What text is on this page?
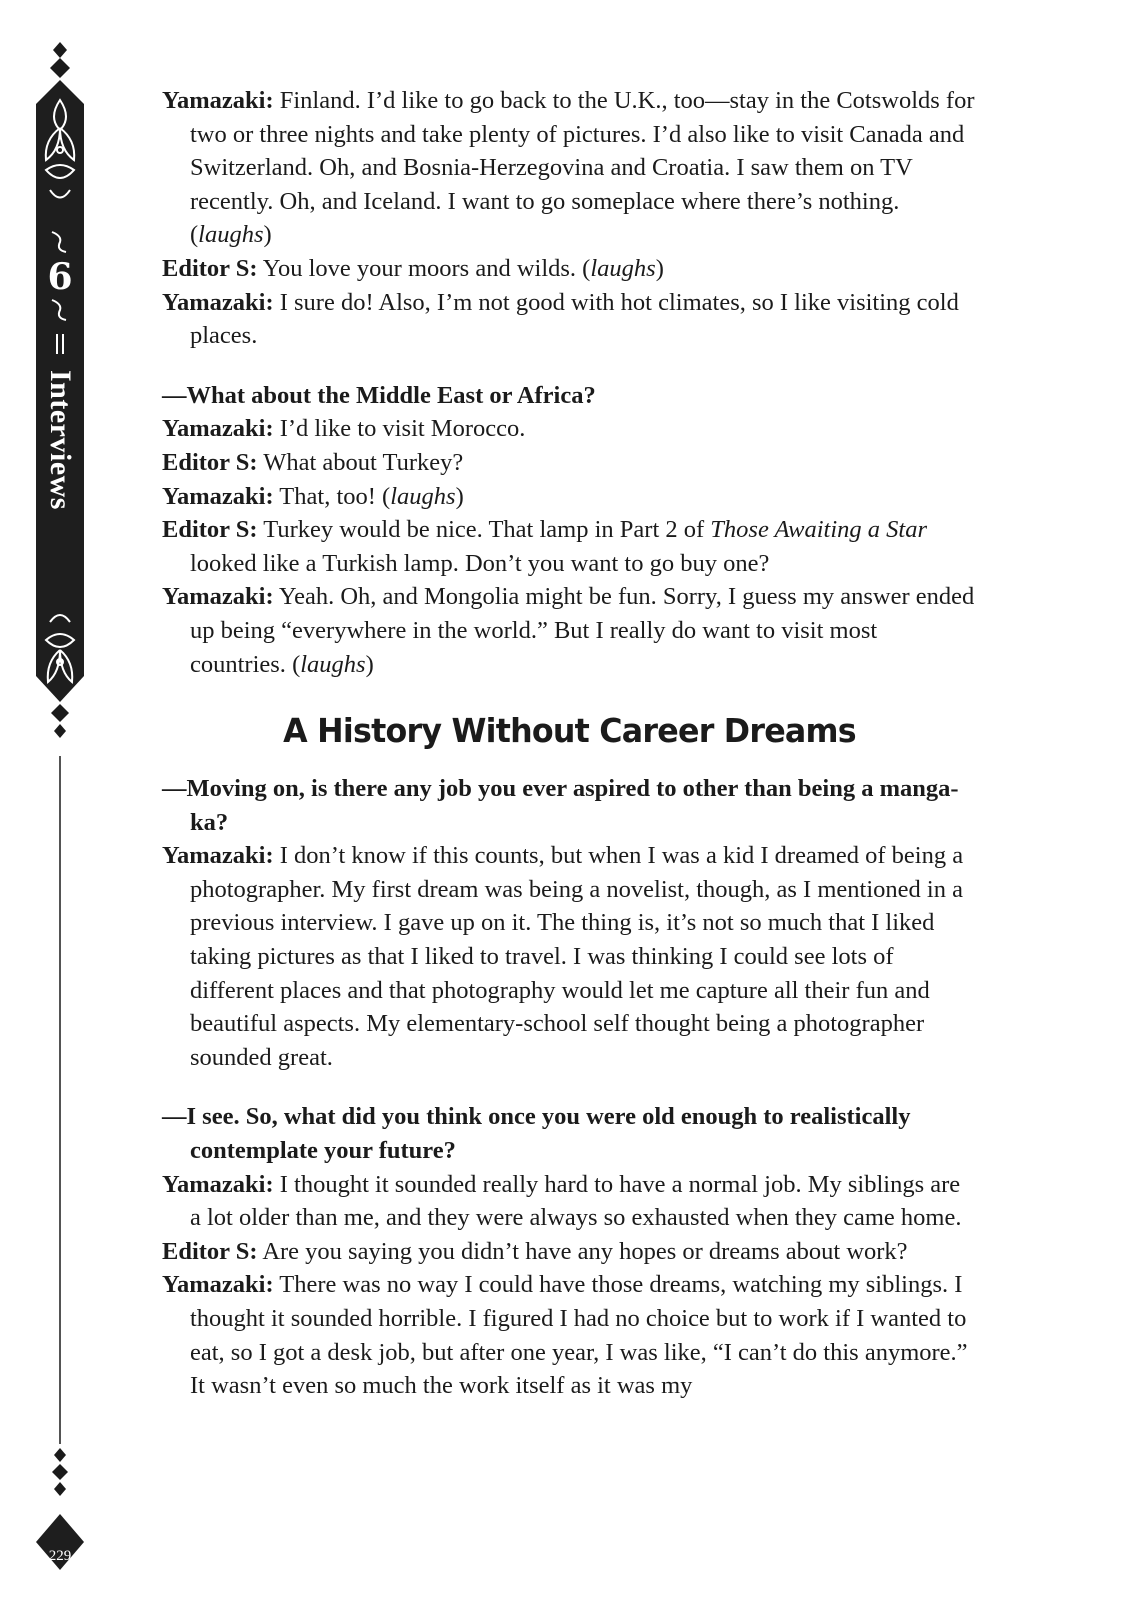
6
Interviews
229
Yamazaki: Finland. I’d like to go back to the U.K., too—stay in the Cotswolds for two or three nights and take plenty of pictures. I’d also like to visit Canada and Switzerland. Oh, and Bosnia-Herzegovina and Croatia. I saw them on TV recently. Oh, and Iceland. I want to go someplace where there’s nothing. (laughs)
Editor S: You love your moors and wilds. (laughs)
Yamazaki: I sure do! Also, I’m not good with hot climates, so I like visiting cold places.
—What about the Middle East or Africa?
Yamazaki: I’d like to visit Morocco.
Editor S: What about Turkey?
Yamazaki: That, too! (laughs)
Editor S: Turkey would be nice. That lamp in Part 2 of Those Awaiting a Star looked like a Turkish lamp. Don’t you want to go buy one?
Yamazaki: Yeah. Oh, and Mongolia might be fun. Sorry, I guess my answer ended up being “everywhere in the world.” But I really do want to visit most countries. (laughs)
A History Without Career Dreams
—Moving on, is there any job you ever aspired to other than being a manga-ka?
Yamazaki: I don’t know if this counts, but when I was a kid I dreamed of being a photographer. My first dream was being a novelist, though, as I mentioned in a previous interview. I gave up on it. The thing is, it’s not so much that I liked taking pictures as that I liked to travel. I was thinking I could see lots of different places and that photography would let me capture all their fun and beautiful aspects. My elementary-school self thought being a photographer sounded great.
—I see. So, what did you think once you were old enough to realistically contemplate your future?
Yamazaki: I thought it sounded really hard to have a normal job. My siblings are a lot older than me, and they were always so exhausted when they came home.
Editor S: Are you saying you didn’t have any hopes or dreams about work?
Yamazaki: There was no way I could have those dreams, watching my siblings. I thought it sounded horrible. I figured I had no choice but to work if I wanted to eat, so I got a desk job, but after one year, I was like, “I can’t do this anymore.” It wasn’t even so much the work itself as it was my
